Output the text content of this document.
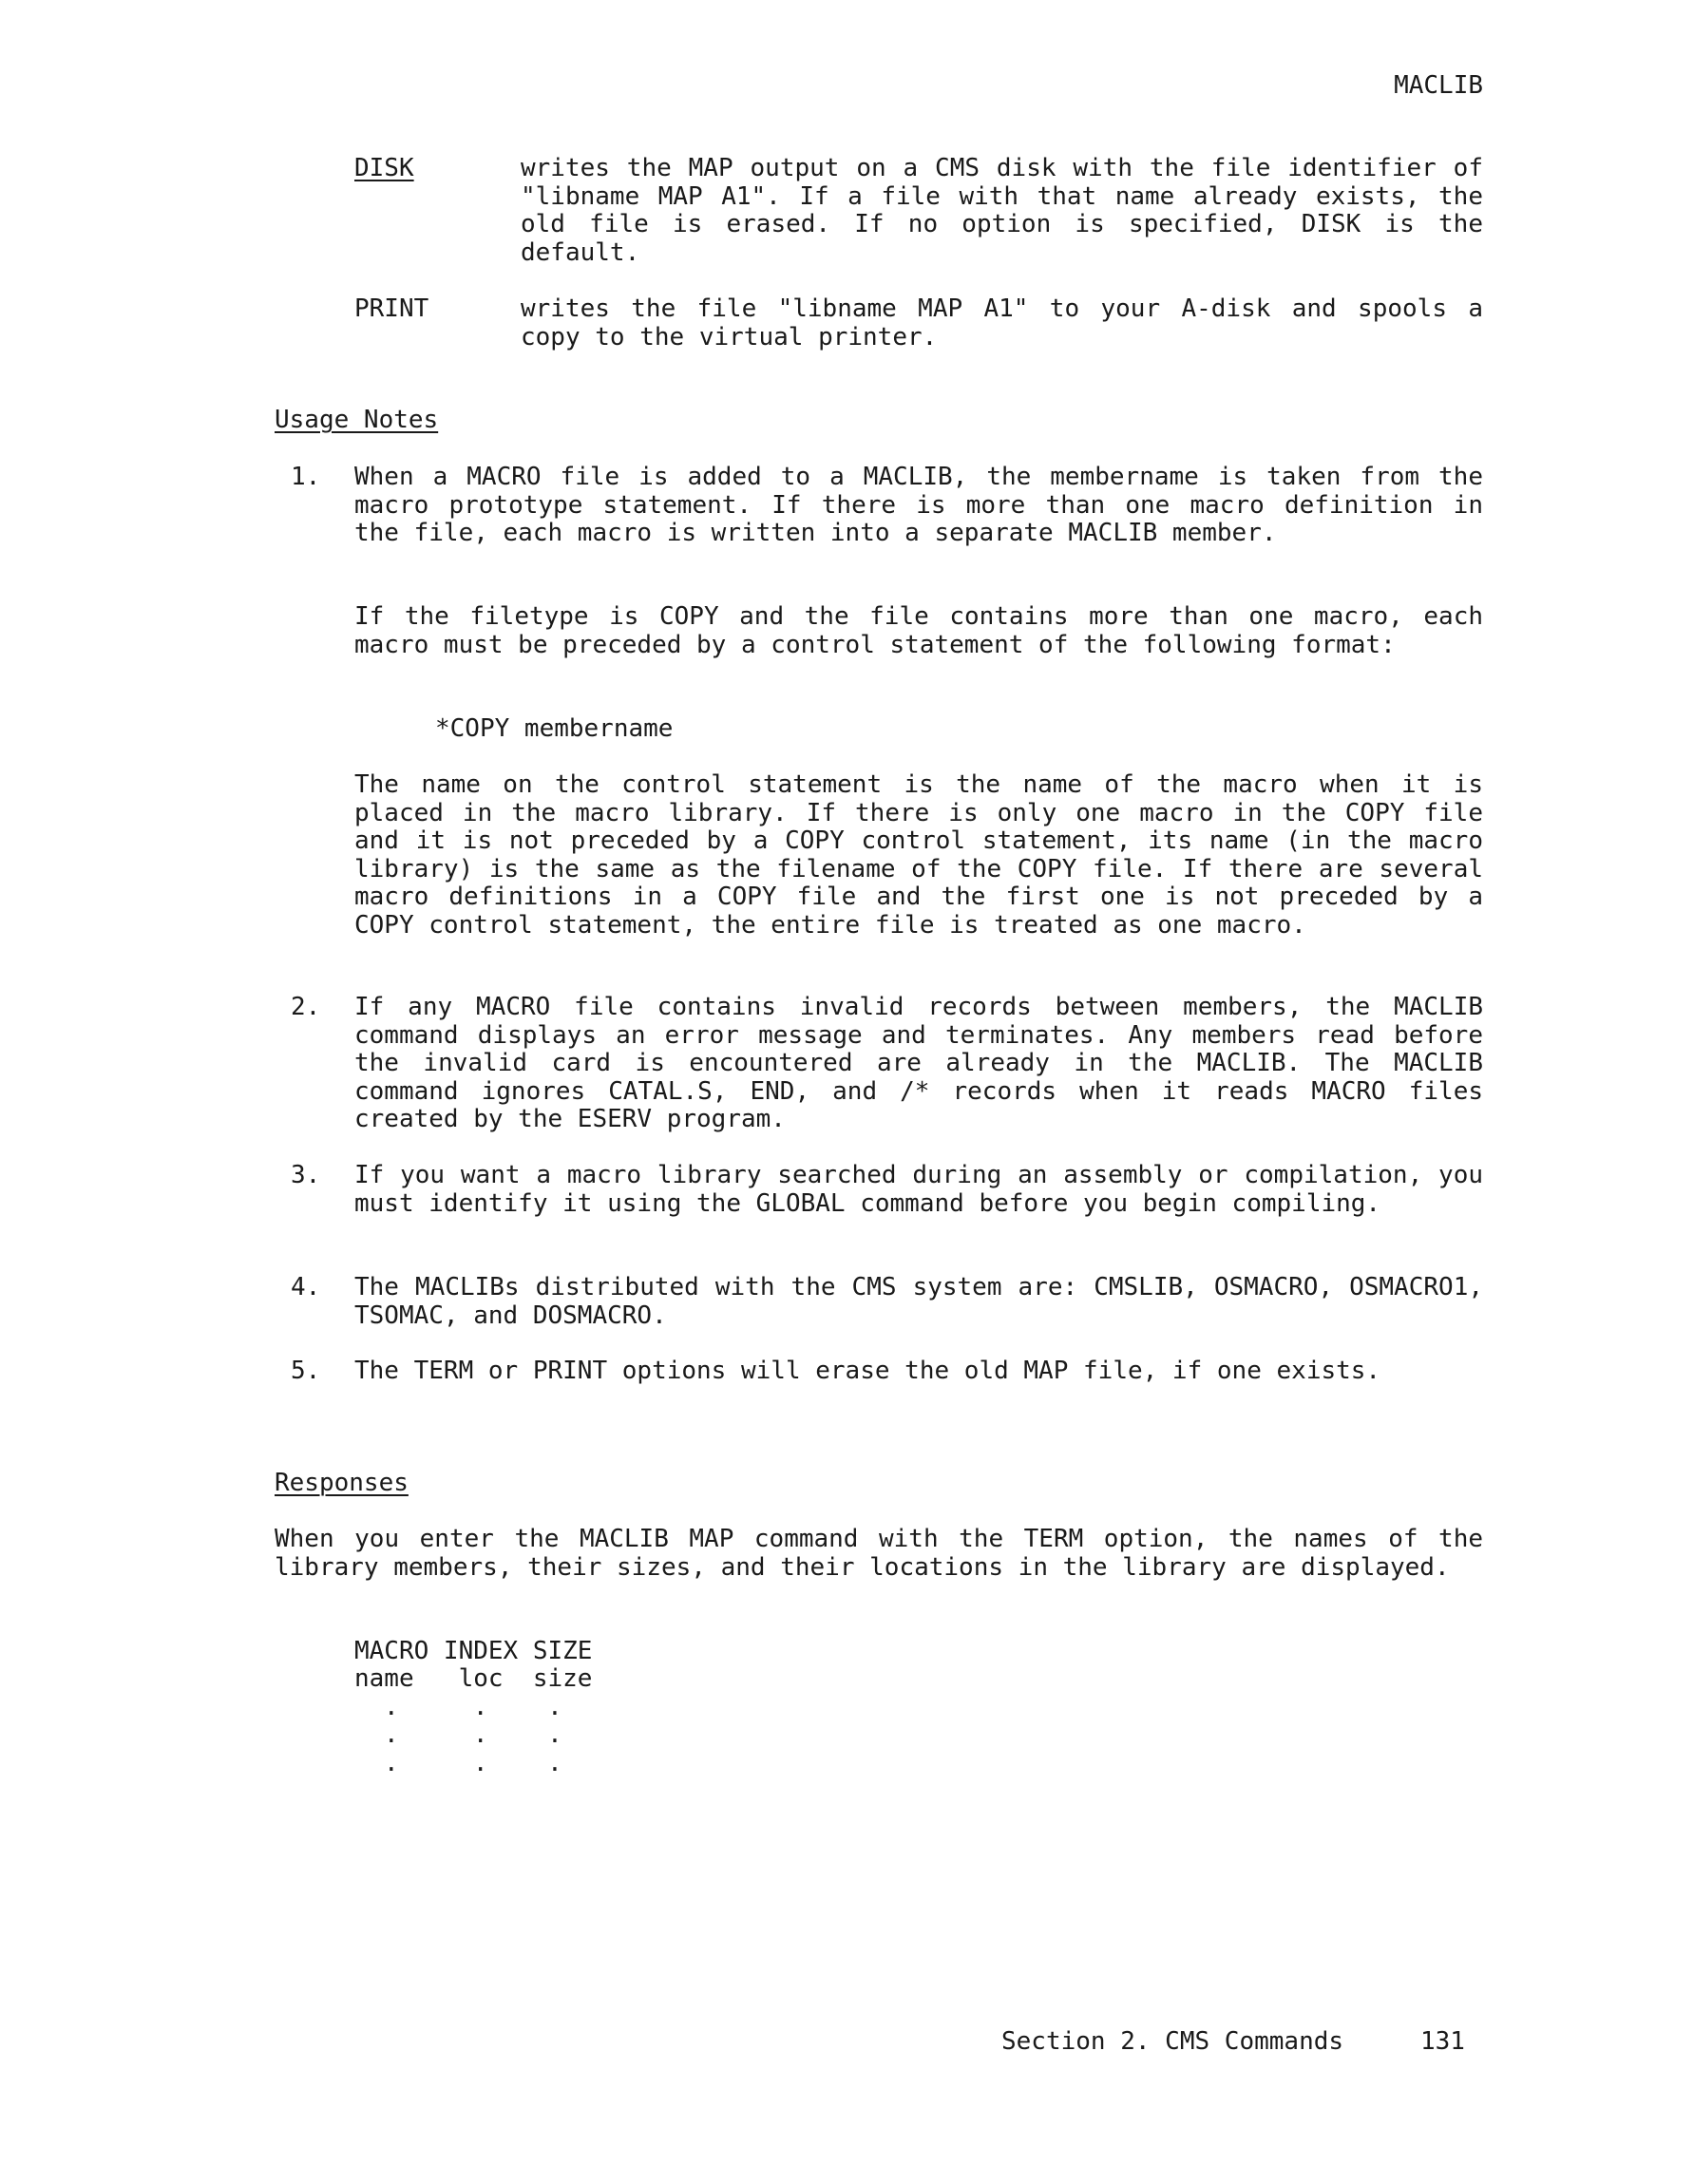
MACLIB
DISK	writes the MAP output on a CMS disk with the file identifier of "libname MAP A1". If a file with that name already exists, the old file is erased. If no option is specified, DISK is the default.
PRINT	writes the file "libname MAP A1" to your A-disk and spools a copy to the virtual printer.
Usage Notes
1. When a MACRO file is added to a MACLIB, the membername is taken from the macro prototype statement. If there is more than one macro definition in the file, each macro is written into a separate MACLIB member.
If the filetype is COPY and the file contains more than one macro, each macro must be preceded by a control statement of the following format:
*COPY membername
The name on the control statement is the name of the macro when it is placed in the macro library. If there is only one macro in the COPY file and it is not preceded by a COPY control statement, its name (in the macro library) is the same as the filename of the COPY file. If there are several macro definitions in a COPY file and the first one is not preceded by a COPY control statement, the entire file is treated as one macro.
2. If any MACRO file contains invalid records between members, the MACLIB command displays an error message and terminates. Any members read before the invalid card is encountered are already in the MACLIB. The MACLIB command ignores CATAL.S, END, and /* records when it reads MACRO files created by the ESERV program.
3. If you want a macro library searched during an assembly or compilation, you must identify it using the GLOBAL command before you begin compiling.
4. The MACLIBs distributed with the CMS system are: CMSLIB, OSMACRO, OSMACRO1, TSOMAC, and DOSMACRO.
5. The TERM or PRINT options will erase the old MAP file, if one exists.
Responses
When you enter the MACLIB MAP command with the TERM option, the names of the library members, their sizes, and their locations in the library are displayed.
MACRO INDEX SIZE
name   loc  size
.     .    .
.     .    .
.     .    .
Section 2. CMS Commands	131
